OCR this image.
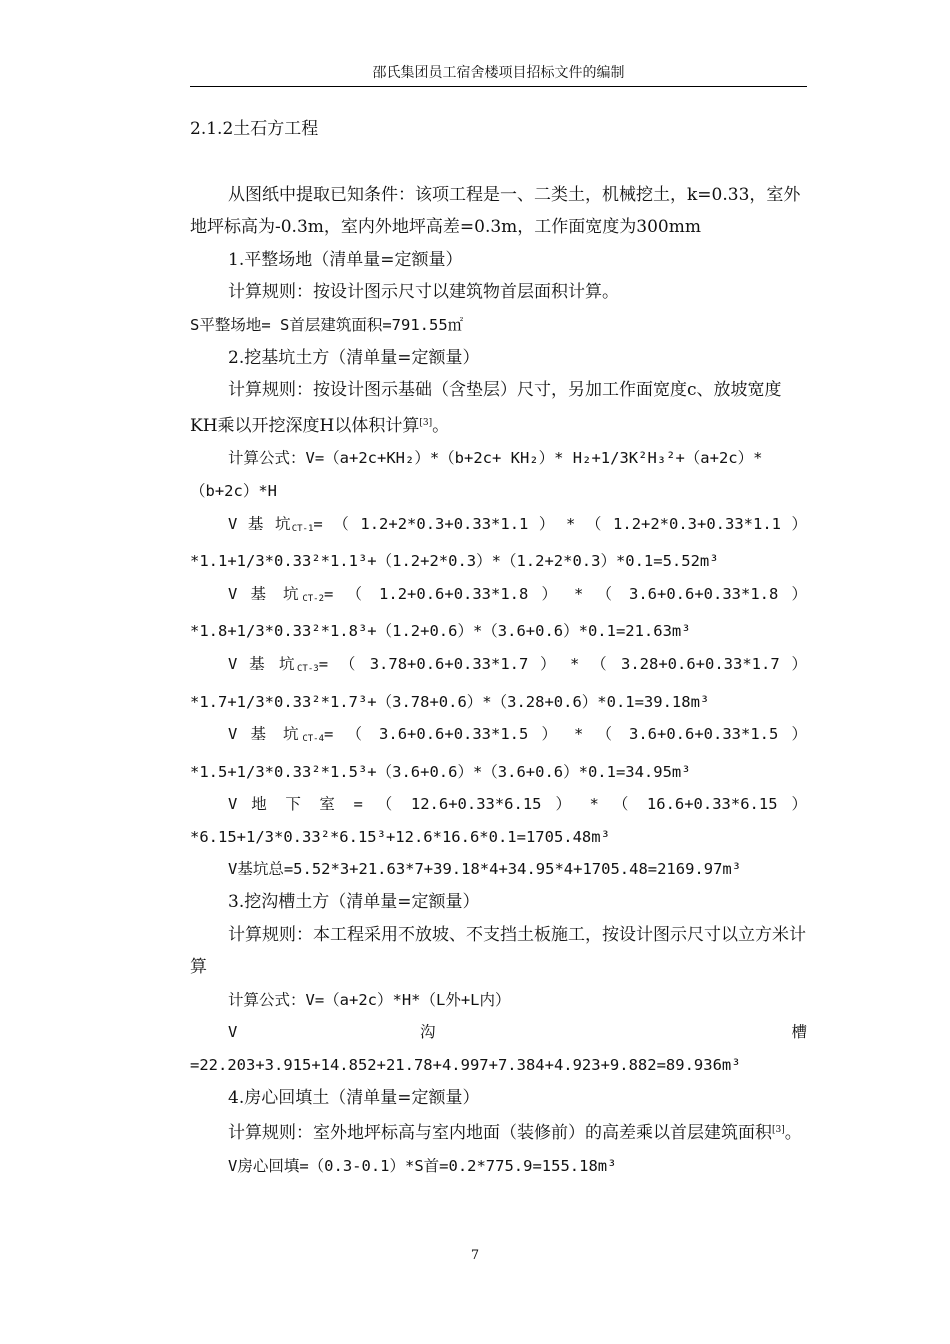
邵氏集团员工宿舍楼项目招标文件的编制

2.1.2土石方工程

从图纸中提取已知条件：该项工程是一、二类土，机械挖土，k=0.33，室外地坪标高为-0.3m，室内外地坪高差=0.3m，工作面宽度为300mm

1.平整场地（清单量=定额量）

计算规则：按设计图示尺寸以建筑物首层面积计算。

S平整场地= S首层建筑面积=791.55㎡

2.挖基坑土方（清单量=定额量）

计算规则：按设计图示基础（含垫层）尺寸，另加工作面宽度c、放坡宽度KH乘以开挖深度H以体积计算[3]。

计算公式：V=（a+2c+KH₂）*（b+2c+ KH₂）* H₂+1/3K²H₃²+（a+2c）*（b+2c）*H

V 基 坑$_{CT-1}$= （ 1.2+2*0.3+0.33*1.1 ） * （ 1.2+2*0.3+0.33*1.1 ）

*1.1+1/3*0.33²*1.1³+（1.2+2*0.3）*（1.2+2*0.3）*0.1=5.52m³

V 基 坑$_{CT-2}$= （ 1.2+0.6+0.33*1.8 ） * （ 3.6+0.6+0.33*1.8 ）

*1.8+1/3*0.33²*1.8³+（1.2+0.6）*（3.6+0.6）*0.1=21.63m³

V 基 坑$_{CT-3}$= （ 3.78+0.6+0.33*1.7 ） * （ 3.28+0.6+0.33*1.7 ）

*1.7+1/3*0.33²*1.7³+（3.78+0.6）*（3.28+0.6）*0.1=39.18m³

V 基 坑$_{CT-4}$= （ 3.6+0.6+0.33*1.5 ） * （ 3.6+0.6+0.33*1.5 ）

*1.5+1/3*0.33²*1.5³+（3.6+0.6）*（3.6+0.6）*0.1=34.95m³

V 地 下 室 = （ 12.6+0.33*6.15 ） * （ 16.6+0.33*6.15 ）

*6.15+1/3*0.33²*6.15³+12.6*16.6*0.1=1705.48m³

V基坑总=5.52*3+21.63*7+39.18*4+34.95*4+1705.48=2169.97m³

3.挖沟槽土方（清单量=定额量）

计算规则：本工程采用不放坡、不支挡土板施工，按设计图示尺寸以立方米计算

计算公式：V=（a+2c）*H*（L外+L内）

V 沟 槽

=22.203+3.915+14.852+21.78+4.997+7.384+4.923+9.882=89.936m³

4.房心回填土（清单量=定额量）

计算规则：室外地坪标高与室内地面（装修前）的高差乘以首层建筑面积[3]。

V房心回填=（0.3-0.1）*S首=0.2*775.9=155.18m³

7
